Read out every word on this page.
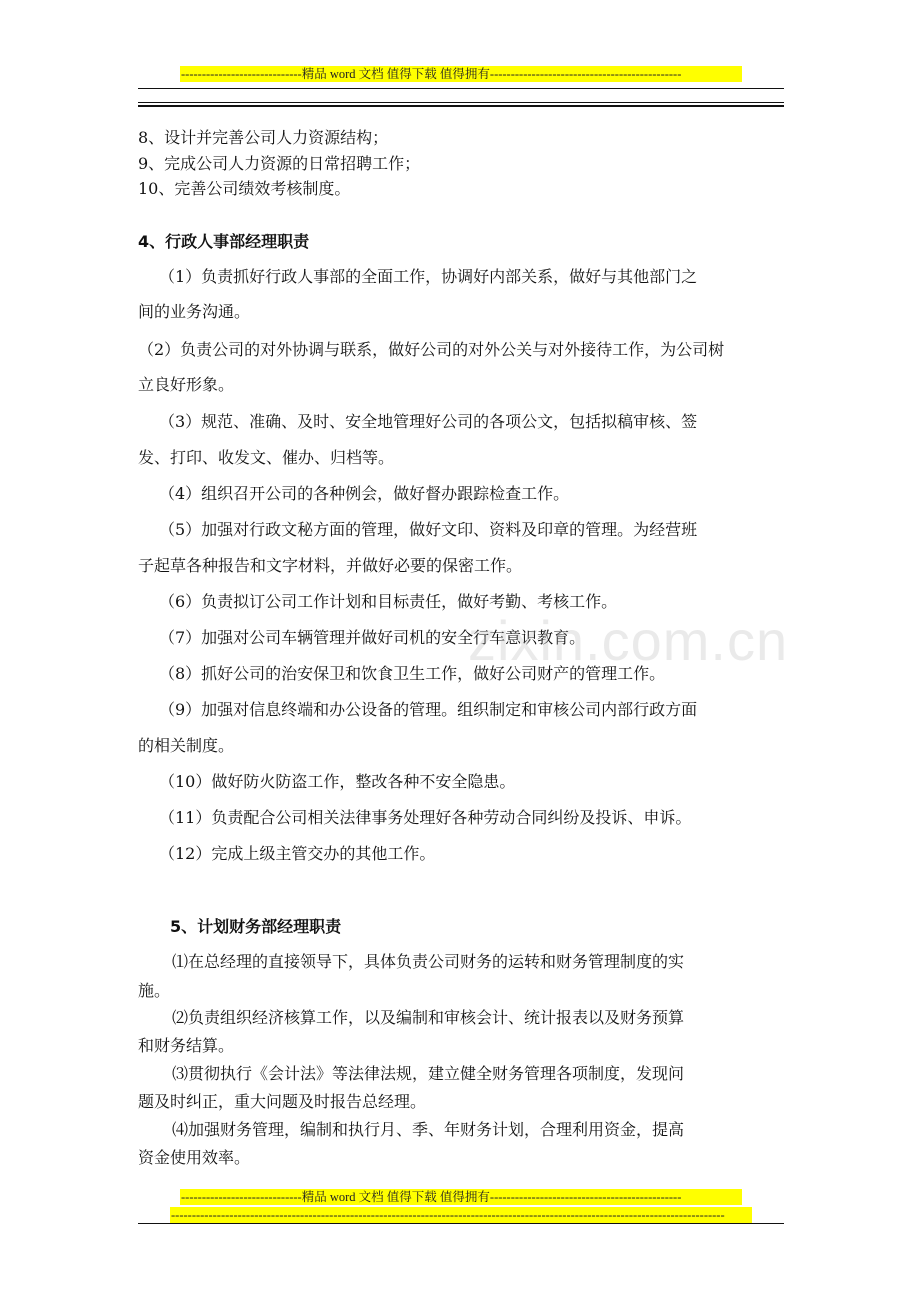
-----------------------------精品 word 文档 值得下载 值得拥有----------------------------------------------
8、设计并完善公司人力资源结构；
9、完成公司人力资源的日常招聘工作；
10、完善公司绩效考核制度。
4、行政人事部经理职责
（1）负责抓好行政人事部的全面工作，协调好内部关系，做好与其他部门之
间的业务沟通。
（2）负责公司的对外协调与联系，做好公司的对外公关与对外接待工作，为公司树
立良好形象。
（3）规范、准确、及时、安全地管理好公司的各项公文，包括拟稿审核、签
发、打印、收发文、催办、归档等。
（4）组织召开公司的各种例会，做好督办跟踪检查工作。
（5）加强对行政文秘方面的管理，做好文印、资料及印章的管理。为经营班
子起草各种报告和文字材料，并做好必要的保密工作。
（6）负责拟订公司工作计划和目标责任，做好考勤、考核工作。
（7）加强对公司车辆管理并做好司机的安全行车意识教育。
（8）抓好公司的治安保卫和饮食卫生工作，做好公司财产的管理工作。
（9）加强对信息终端和办公设备的管理。组织制定和审核公司内部行政方面
的相关制度。
（10）做好防火防盗工作，整改各种不安全隐患。
（11）负责配合公司相关法律事务处理好各种劳动合同纠纷及投诉、申诉。
（12）完成上级主管交办的其他工作。
5、计划财务部经理职责
⑴在总经理的直接领导下，具体负责公司财务的运转和财务管理制度的实
施。
⑵负责组织经济核算工作，以及编制和审核会计、统计报表以及财务预算
和财务结算。
⑶贯彻执行《会计法》等法律法规，建立健全财务管理各项制度，发现问
题及时纠正，重大问题及时报告总经理。
⑷加强财务管理，编制和执行月、季、年财务计划，合理利用资金，提高
资金使用效率。
zixin.com.cn
-----------------------------精品 word 文档 值得下载 值得拥有----------------------------------------------
-------------------------------------------------------------------------------------------------------------------------------------
